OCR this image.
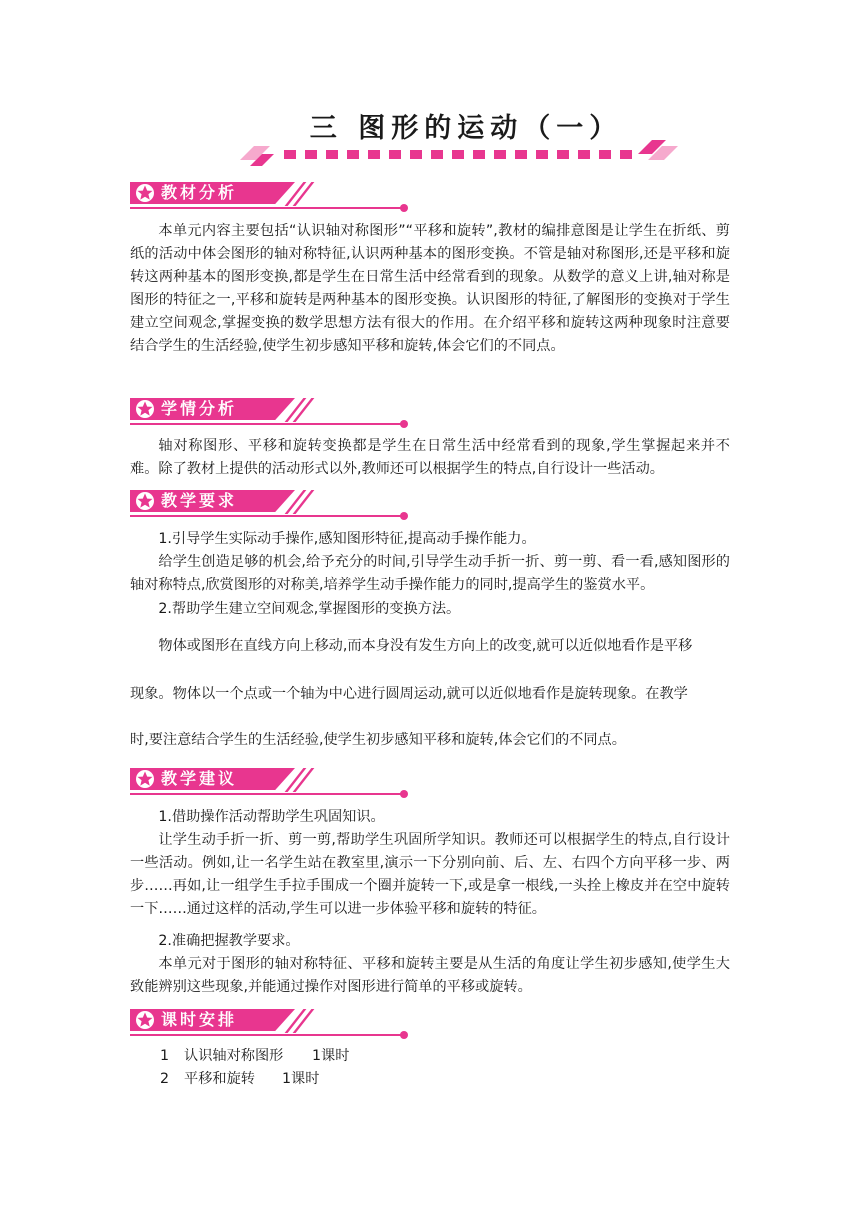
三 图形的运动（一）
教材分析

本单元内容主要包括“认识轴对称图形”“平移和旋转”,教材的编排意图是让学生在折纸、剪纸的活动中体会图形的轴对称特征,认识两种基本的图形变换。不管是轴对称图形,还是平移和旋转这两种基本的图形变换,都是学生在日常生活中经常看到的现象。从数学的意义上讲,轴对称是图形的特征之一,平移和旋转是两种基本的图形变换。认识图形的特征,了解图形的变换对于学生建立空间观念,掌握变换的数学思想方法有很大的作用。在介绍平移和旋转这两种现象时注意要结合学生的生活经验,使学生初步感知平移和旋转,体会它们的不同点。

学情分析

轴对称图形、平移和旋转变换都是学生在日常生活中经常看到的现象,学生掌握起来并不难。除了教材上提供的活动形式以外,教师还可以根据学生的特点,自行设计一些活动。

教学要求

1.引导学生实际动手操作,感知图形特征,提高动手操作能力。

给学生创造足够的机会,给予充分的时间,引导学生动手折一折、剪一剪、看一看,感知图形的轴对称特点,欣赏图形的对称美,培养学生动手操作能力的同时,提高学生的鉴赏水平。

2.帮助学生建立空间观念,掌握图形的变换方法。

物体或图形在直线方向上移动,而本身没有发生方向上的改变,就可以近似地看作是平移

现象。物体以一个点或一个轴为中心进行圆周运动,就可以近似地看作是旋转现象。在教学

时,要注意结合学生的生活经验,使学生初步感知平移和旋转,体会它们的不同点。

教学建议

1.借助操作活动帮助学生巩固知识。

让学生动手折一折、剪一剪,帮助学生巩固所学知识。教师还可以根据学生的特点,自行设计一些活动。例如,让一名学生站在教室里,演示一下分别向前、后、左、右四个方向平移一步、两步……再如,让一组学生手拉手围成一个圈并旋转一下,或是拿一根线,一头拴上橡皮并在空中旋转一下……通过这样的活动,学生可以进一步体验平移和旋转的特征。

2.准确把握教学要求。

本单元对于图形的轴对称特征、平移和旋转主要是从生活的角度让学生初步感知,使学生大致能辨别这些现象,并能通过操作对图形进行简单的平移或旋转。

课时安排

1 认识轴对称图形 1课时

2 平移和旋转 1课时
